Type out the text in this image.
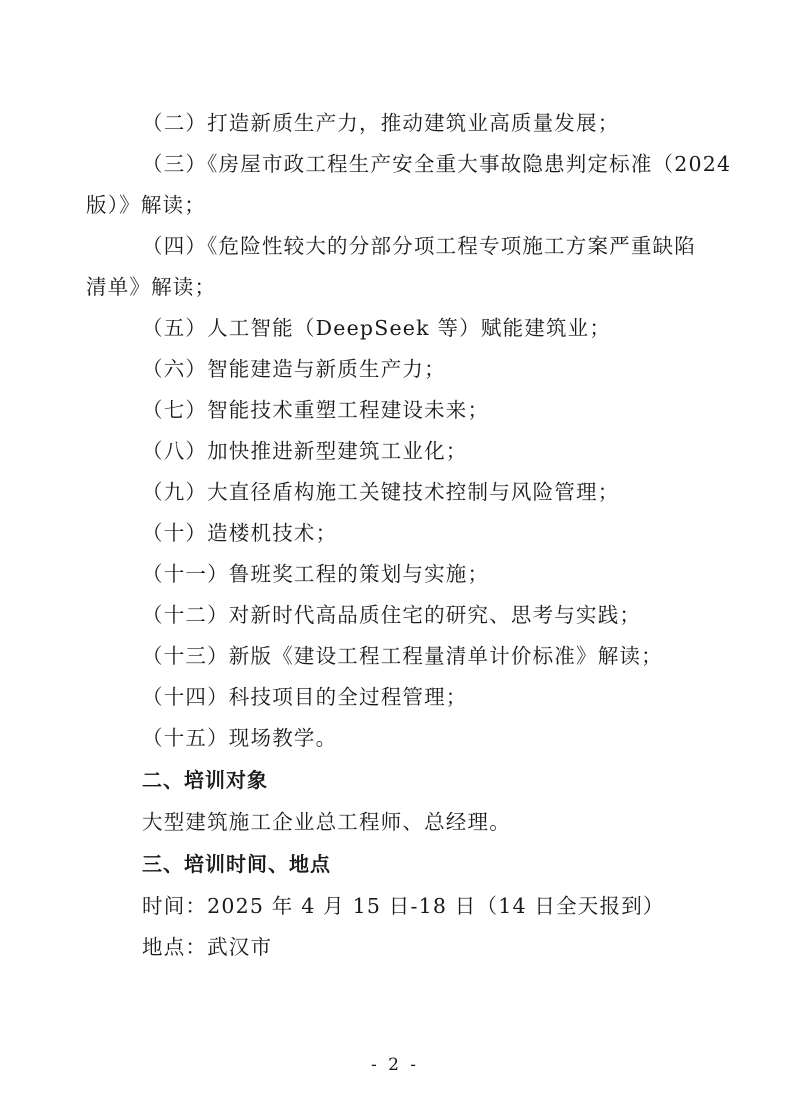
（二）打造新质生产力，推动建筑业高质量发展；
（三）《房屋市政工程生产安全重大事故隐患判定标准（2024
版）》解读；
（四）《危险性较大的分部分项工程专项施工方案严重缺陷
清单》解读；
（五）人工智能（DeepSeek 等）赋能建筑业；
（六）智能建造与新质生产力；
（七）智能技术重塑工程建设未来；
（八）加快推进新型建筑工业化；
（九）大直径盾构施工关键技术控制与风险管理；
（十）造楼机技术；
（十一）鲁班奖工程的策划与实施；
（十二）对新时代高品质住宅的研究、思考与实践；
（十三）新版《建设工程工程量清单计价标准》解读；
（十四）科技项目的全过程管理；
（十五）现场教学。
二、培训对象
大型建筑施工企业总工程师、总经理。
三、培训时间、地点
时间：2025 年 4 月 15 日-18 日（14 日全天报到）
地点：武汉市
- 2 -
